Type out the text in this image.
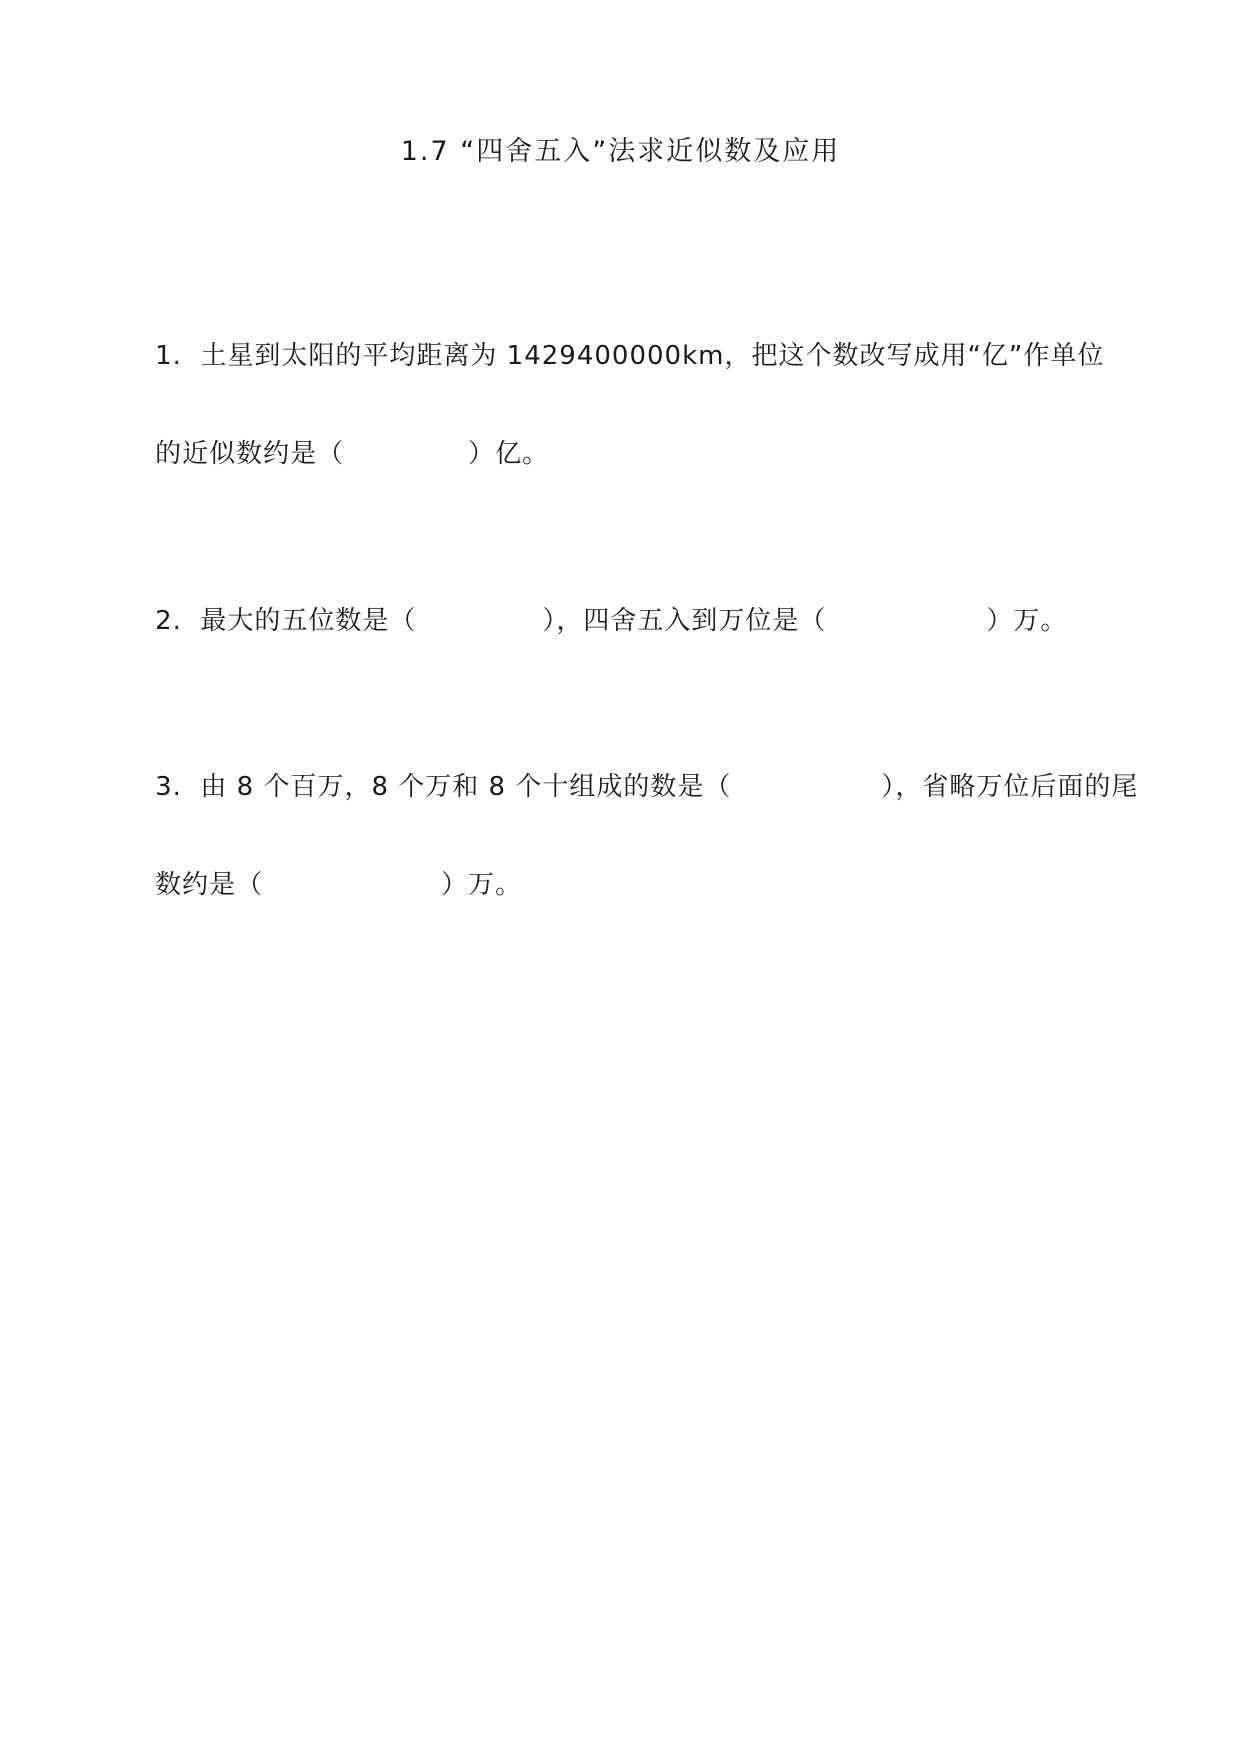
1.7 “四舍五入”法求近似数及应用

1.  土星到太阳的平均距离为 1429400000km，把这个数改写成用“亿”作单位

的近似数约是（	）亿。

2.  最大的五位数是（	），四舍五入到万位是（	）万。

3.  由 8 个百万，8 个万和 8 个十组成的数是（	），省略万位后面的尾

数约是（	）万。
